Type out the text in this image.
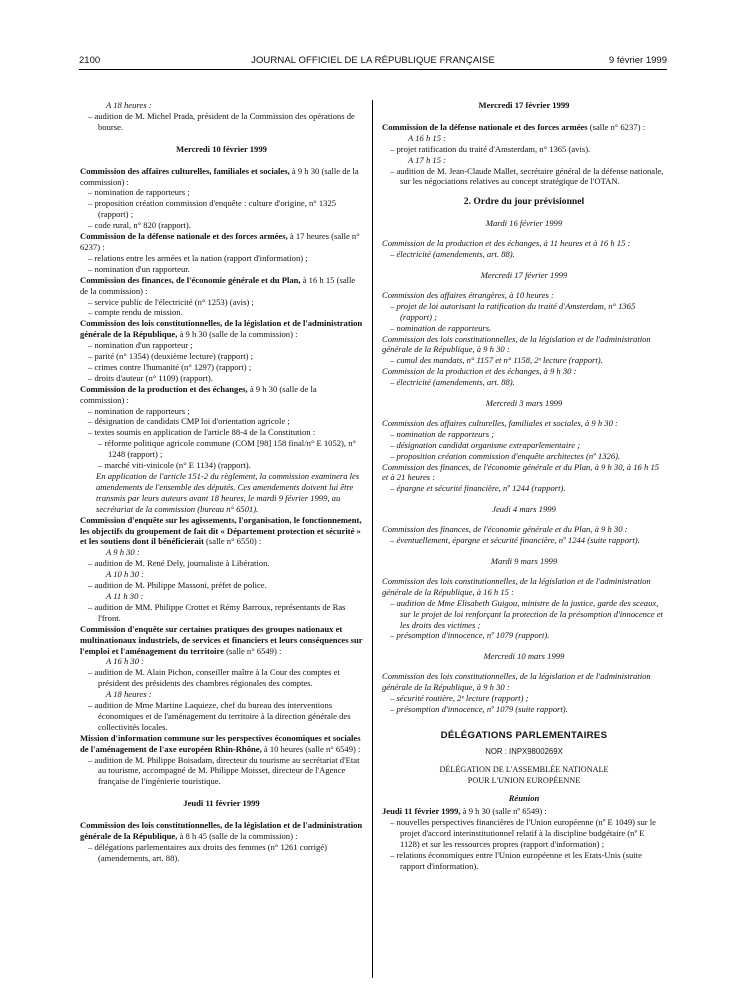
2100	JOURNAL OFFICIEL DE LA RÉPUBLIQUE FRANÇAISE	9 février 1999

A 18 heures :

– audition de M. Michel Prada, président de la Commission des opérations de bourse.

Mercredi 10 février 1999

Commission des affaires culturelles, familiales et sociales, à 9 h 30 (salle de la commission) :

– nomination de rapporteurs ;

– proposition création commission d'enquête : culture d'origine, n° 1325 (rapport) ;

– code rural, n° 820 (rapport).

Commission de la défense nationale et des forces armées, à 17 heures (salle n° 6237) :

– relations entre les armées et la nation (rapport d'information) ;

– nomination d'un rapporteur.

Commission des finances, de l'économie générale et du Plan, à 16 h 15 (salle de la commission) :

– service public de l'électricité (n° 1253) (avis) ;

– compte rendu de mission.

Commission des lois constitutionnelles, de la législation et de l'administration générale de la République, à 9 h 30 (salle de la commission) :

– nomination d'un rapporteur ;

– parité (n° 1354) (deuxième lecture) (rapport) ;

– crimes contre l'humanité (n° 1297) (rapport) ;

– droits d'auteur (n° 1109) (rapport).

Commission de la production et des échanges, à 9 h 30 (salle de la commission) :

– nomination de rapporteurs ;

– désignation de candidats CMP loi d'orientation agricole ;

– textes soumis en application de l'article 88-4 de la Constitution :

– réforme politique agricole commune (COM [98] 158 final/n° E 1052), n° 1248 (rapport) ;

– marché viti-vinicole (n° E 1134) (rapport).

En application de l'article 151-2 du règlement, la commission examinera les amendements de l'ensemble des députés. Ces amendements doivent lui être transmis par leurs auteurs avant 18 heures, le mardi 9 février 1999, au secrétariat de la commission (bureau n° 6501).

Commission d'enquête sur les agissements, l'organisation, le fonctionnement, les objectifs du groupement de fait dit « Département protection et sécurité » et les soutiens dont il bénéficierait (salle n° 6550) :

A 9 h 30 :

– audition de M. René Dely, journaliste à Libération.

A 10 h 30 :

– audition de M. Philippe Massoni, préfet de police.

A 11 h 30 :

– audition de MM. Philippe Crottet et Rémy Barroux, représentants de Ras l'front.

Commission d'enquête sur certaines pratiques des groupes nationaux et multinationaux industriels, de services et financiers et leurs conséquences sur l'emploi et l'aménagement du territoire (salle n° 6549) :

A 16 h 30 :

– audition de M. Alain Pichon, conseiller maître à la Cour des comptes et président des présidents des chambres régionales des comptes.

A 18 heures :

– audition de Mme Martine Laquieze, chef du bureau des interventions économiques et de l'aménagement du territoire à la direction générale des collectivités locales.

Mission d'information commune sur les perspectives économiques et sociales de l'aménagement de l'axe européen Rhin-Rhône, à 10 heures (salle n° 6549) :

– audition de M. Philippe Boisadam, directeur du tourisme au secrétariat d'Etat au tourisme, accompagné de M. Philippe Moisset, directeur de l'Agence française de l'ingénierie touristique.

Jeudi 11 février 1999

Commission des lois constitutionnelles, de la législation et de l'administration générale de la République, à 8 h 45 (salle de la commission) :

– délégations parlementaires aux droits des femmes (n° 1261 corrigé) (amendements, art. 88).

Mercredi 17 février 1999

Commission de la défense nationale et des forces armées (salle n° 6237) :

A 16 h 15 :

– projet ratification du traité d'Amsterdam, n° 1365 (avis).

A 17 h 15 :

– audition de M. Jean-Claude Mallet, secrétaire général de la défense nationale, sur les négociations relatives au concept stratégique de l'OTAN.

2. Ordre du jour prévisionnel

Mardi 16 février 1999

Commission de la production et des échanges, à 11 heures et à 16 h 15 :

– électricité (amendements, art. 88).

Mercredi 17 février 1999

Commission des affaires étrangères, à 10 heures :

– projet de loi autorisant la ratification du traité d'Amsterdam, n° 1365 (rapport) ;

– nomination de rapporteurs.

Commission des lois constitutionnelles, de la législation et de l'administration générale de la République, à 9 h 30 :

– cumul des mandats, n° 1157 et n° 1158, 2ᵉ lecture (rapport).

Commission de la production et des échanges, à 9 h 30 :

– électricité (amendements, art. 88).

Mercredi 3 mars 1999

Commission des affaires culturelles, familiales et sociales, à 9 h 30 :

– nomination de rapporteurs ;

– désignation candidat organisme extraparlementaire ;

– proposition création commission d'enquête architectes (nº 1326).

Commission des finances, de l'économie générale et du Plan, à 9 h 30, à 16 h 15 et à 21 heures :

– épargne et sécurité financière, nº 1244 (rapport).

Jeudi 4 mars 1999

Commission des finances, de l'économie générale et du Plan, à 9 h 30 :

– éventuellement, épargne et sécurité financière, nº 1244 (suite rapport).

Mardi 9 mars 1999

Commission des lois constitutionnelles, de la législation et de l'administration générale de la République, à 16 h 15 :

– audition de Mme Elisabeth Guigou, ministre de la justice, garde des sceaux, sur le projet de loi renforçant la protection de la présomption d'innocence et les droits des victimes ;

– présomption d'innocence, nº 1079 (rapport).

Mercredi 10 mars 1999

Commission des lois constitutionnelles, de la législation et de l'administration générale de la République, à 9 h 30 :

– sécurité routière, 2ᵉ lecture (rapport) ;

– présomption d'innocence, nº 1079 (suite rapport).

DÉLÉGATIONS PARLEMENTAIRES

NOR : INPX9800269X

DÉLÉGATION DE L'ASSEMBLÉE NATIONALE

POUR L'UNION EUROPÉENNE

Réunion

Jeudi 11 février 1999, à 9 h 30 (salle nº 6549) :

– nouvelles perspectives financières de l'Union européenne (nº E 1049) sur le projet d'accord interinstitutionnel relatif à la discipline budgétaire (nº E 1128) et sur les ressources propres (rapport d'information) ;

– relations économiques entre l'Union européenne et les Etats-Unis (suite rapport d'information).
